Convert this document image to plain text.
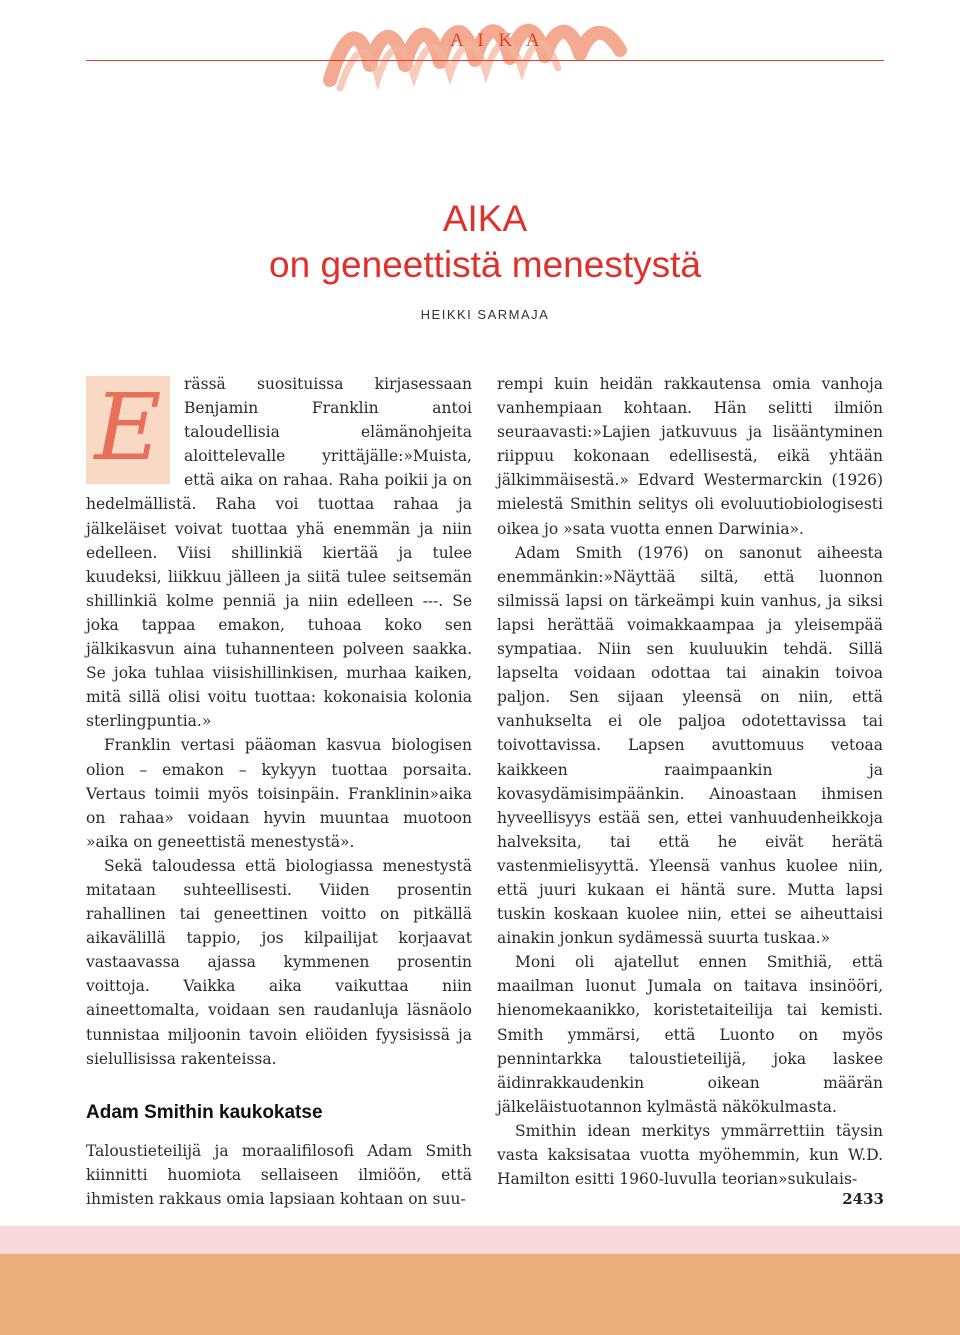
A I K A
AIKA
on geneettistä menestystä
HEIKKI SARMAJA
E	rässä suosituissa kirjasessaan Benjamin Franklin antoi taloudellisia elämänohjeita aloittelevalle yrittäjälle:»Muista, että aika on rahaa. Raha poikii ja on hedelmällistä. Raha voi tuottaa rahaa ja jälkeläiset voivat tuottaa yhä enemmän ja niin edelleen. Viisi shillinkiä kiertää ja tulee kuudeksi, liikkuu jälleen ja siitä tulee seitsemän shillinkiä kolme penniä ja niin edelleen ---. Se joka tappaa emakon, tuhoaa koko sen jälkikasvun aina tuhannenteen polveen saakka. Se joka tuhlaa viisishillinkisen, murhaa kaiken, mitä sillä olisi voitu tuottaa: kokonaisia kolonia sterlingpuntia.»

Franklin vertasi pääoman kasvua biologisen olion – emakon – kykyyn tuottaa porsaita. Vertaus toimii myös toisinpäin. Franklinin»aika on rahaa» voidaan hyvin muuntaa muotoon »aika on geneettistä menestystä».

Sekä taloudessa että biologiassa menestystä mitataan suhteellisesti. Viiden prosentin rahallinen tai geneettinen voitto on pitkällä aikavälillä tappio, jos kilpailijat korjaavat vastaavassa ajassa kymmenen prosentin voittoja. Vaikka aika vaikuttaa niin aineettomalta, voidaan sen raudanluja läsnäolo tunnistaa miljoonin tavoin eliöiden fyysisissä ja sielullisissa rakenteissa.

Adam Smithin kaukokatse

Taloustieteilijä ja moraalifilosofi Adam Smith kiinnitti huomiota sellaiseen ilmiöön, että ihmisten rakkaus omia lapsiaan kohtaan on suu-

rempi kuin heidän rakkautensa omia vanhoja vanhempiaan kohtaan. Hän selitti ilmiön seuraavasti:»Lajien jatkuvuus ja lisääntyminen riippuu kokonaan edellisestä, eikä yhtään jälkimmäisestä.» Edvard Westermarckin (1926) mielestä Smithin selitys oli evoluutiobiologisesti oikea jo »sata vuotta ennen Darwinia».

Adam Smith (1976) on sanonut aiheesta enemmänkin:»Näyttää siltä, että luonnon silmissä lapsi on tärkeämpi kuin vanhus, ja siksi lapsi herättää voimakkaampaa ja yleisempää sympatiaa. Niin sen kuuluukin tehdä. Sillä lapselta voidaan odottaa tai ainakin toivoa paljon. Sen sijaan yleensä on niin, että vanhukselta ei ole paljoa odotettavissa tai toivottavissa. Lapsen avuttomuus vetoaa kaikkeen raaimpaankin ja kovasydämisimpäänkin. Ainoastaan ihmisen hyveellisyys estää sen, ettei vanhuudenheikkoja halveksita, tai että he eivät herätä vastenmielisyyttä. Yleensä vanhus kuolee niin, että juuri kukaan ei häntä sure. Mutta lapsi tuskin koskaan kuolee niin, ettei se aiheuttaisi ainakin jonkun sydämessä suurta tuskaa.»

Moni oli ajatellut ennen Smithiä, että maailman luonut Jumala on taitava insinööri, hienomekaanikko, koristetaiteilija tai kemisti. Smith ymmärsi, että Luonto on myös pennintarkka taloustieteilijä, joka laskee äidinrakkaudenkin oikean määrän jälkeläistuotannon kylmästä näkökulmasta.

Smithin idean merkitys ymmärrettiin täysin vasta kaksisataa vuotta myöhemmin, kun W.D. Hamilton esitti 1960-luvulla teorian»sukulais-

2433
